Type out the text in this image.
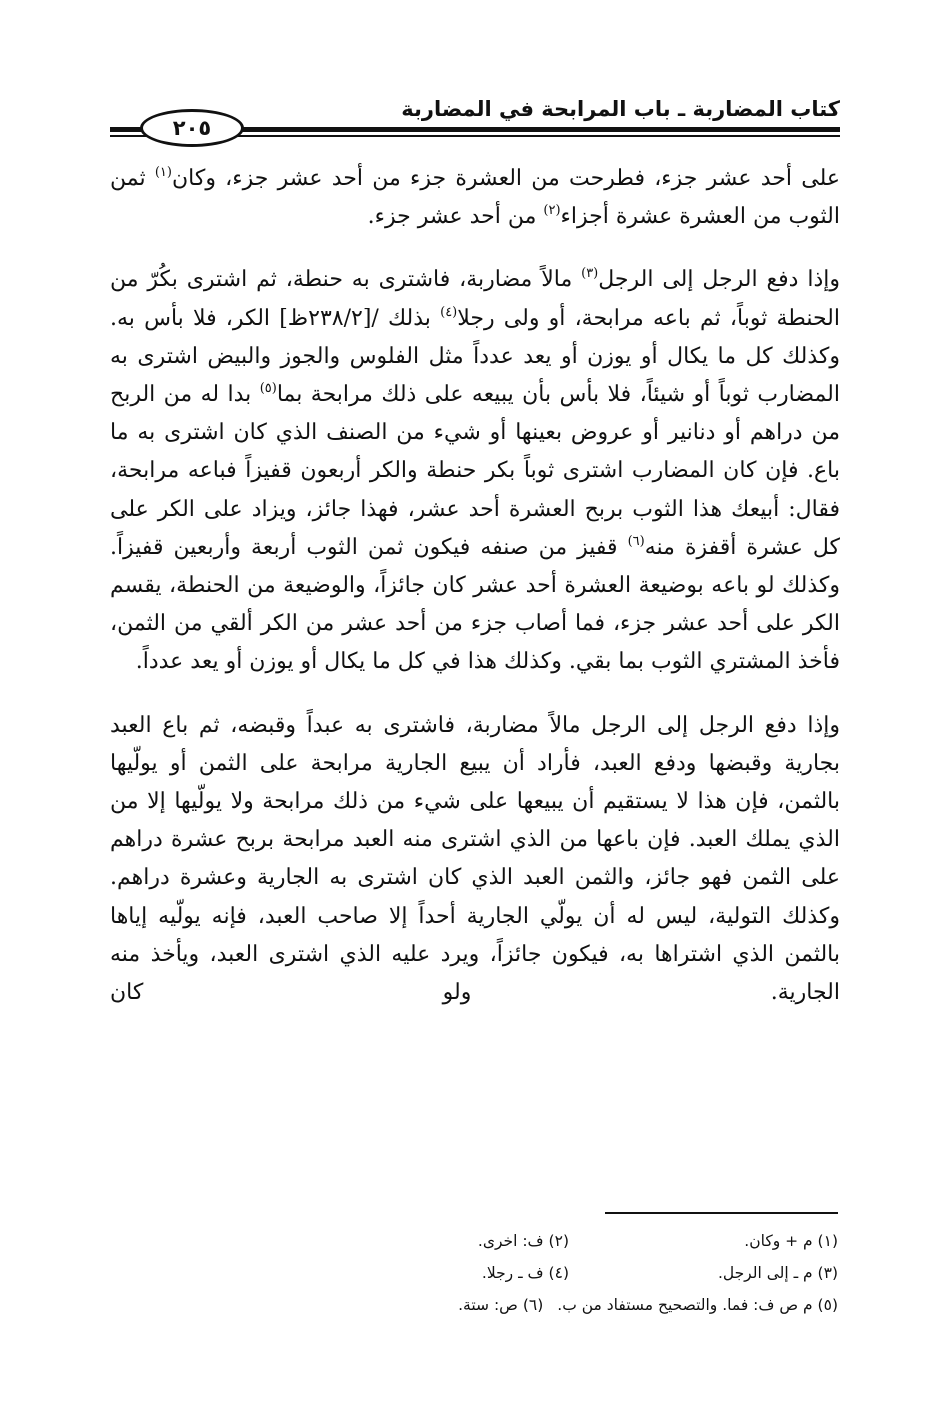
كتاب المضاربة ـ باب المرابحة في المضاربة
٢٠٥

على أحد عشر جزء، فطرحت من العشرة جزء من أحد عشر جزء، وكان$^{(١)}$ ثمن الثوب من العشرة عشرة أجزاء$^{(٢)}$ من أحد عشر جزء.

وإذا دفع الرجل إلى الرجل$^{(٣)}$ مالاً مضاربة، فاشترى به حنطة، ثم اشترى بكُرّ من الحنطة ثوباً، ثم باعه مرابحة، أو ولى رجلا$^{(٤)}$ بذلك /[٢٣٨/٢ظ] الكر، فلا بأس به. وكذلك كل ما يكال أو يوزن أو يعد عدداً مثل الفلوس والجوز والبيض اشترى به المضارب ثوباً أو شيئاً، فلا بأس بأن يبيعه على ذلك مرابحة بما$^{(٥)}$ بدا له من الربح من دراهم أو دنانير أو عروض بعينها أو شيء من الصنف الذي كان اشترى به ما باع. فإن كان المضارب اشترى ثوباً بكر حنطة والكر أربعون قفيزاً فباعه مرابحة، فقال: أبيعك هذا الثوب بربح العشرة أحد عشر، فهذا جائز، ويزاد على الكر على كل عشرة أقفزة منه$^{(٦)}$ قفيز من صنفه فيكون ثمن الثوب أربعة وأربعين قفيزاً. وكذلك لو باعه بوضيعة العشرة أحد عشر كان جائزاً، والوضيعة من الحنطة، يقسم الكر على أحد عشر جزء، فما أصاب جزء من أحد عشر من الكر ألقي من الثمن، فأخذ المشتري الثوب بما بقي. وكذلك هذا في كل ما يكال أو يوزن أو يعد عدداً.

وإذا دفع الرجل إلى الرجل مالاً مضاربة، فاشترى به عبداً وقبضه، ثم باع العبد بجارية وقبضها ودفع العبد، فأراد أن يبيع الجارية مرابحة على الثمن أو يولّيها بالثمن، فإن هذا لا يستقيم أن يبيعها على شيء من ذلك مرابحة ولا يولّيها إلا من الذي يملك العبد. فإن باعها من الذي اشترى منه العبد مرابحة بربح عشرة دراهم على الثمن فهو جائز، والثمن العبد الذي كان اشترى به الجارية وعشرة دراهم. وكذلك التولية، ليس له أن يولّي الجارية أحداً إلا صاحب العبد، فإنه يولّيه إياها بالثمن الذي اشتراها به، فيكون جائزاً، ويرد عليه الذي اشترى العبد، ويأخذ منه الجارية. ولو كان

(١) م + وكان.
(٢) ف: اخرى.
(٣) م ـ إلى الرجل.
(٤) ف ـ رجلا.
(٥) م ص ف: فما. والتصحيح مستفاد من ب.
(٦) ص: ستة.
